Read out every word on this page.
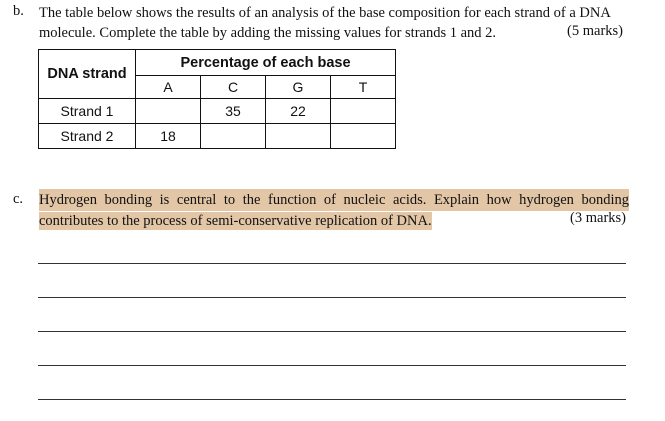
b. The table below shows the results of an analysis of the base composition for each strand of a DNA
molecule. Complete the table by adding the missing values for strands 1 and 2.	(5 marks)
DNA strand	Percentage of each base			
	A	C	G	T
Strand 1		35	22	
Strand 2	18			
c. Hydrogen bonding is central to the function of nucleic acids. Explain how hydrogen bonding
contributes to the process of semi-conservative replication of DNA.	(3 marks)
